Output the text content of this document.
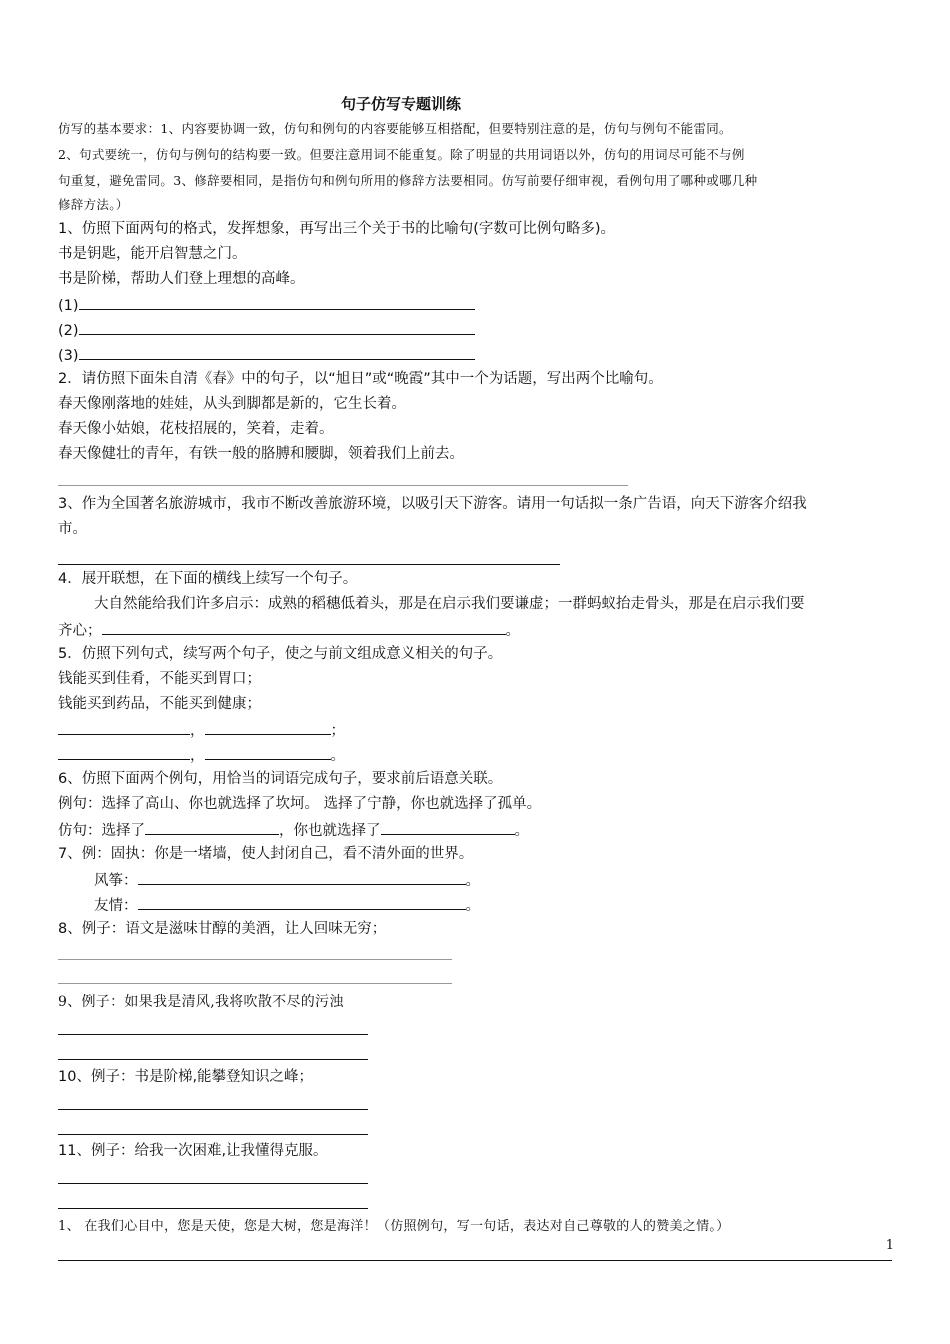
句子仿写专题训练
仿写的基本要求：1、内容要协调一致，仿句和例句的内容要能够互相搭配，但要特别注意的是，仿句与例句不能雷同。
2、句式要统一，仿句与例句的结构要一致。但要注意用词不能重复。除了明显的共用词语以外，仿句的用词尽可能不与例
句重复，避免雷同。3、修辞要相同，是指仿句和例句所用的修辞方法要相同。仿写前要仔细审视，看例句用了哪种或哪几种
修辞方法。）
1、仿照下面两句的格式，发挥想象，再写出三个关于书的比喻句(字数可比例句略多)。
书是钥匙，能开启智慧之门。
书是阶梯，帮助人们登上理想的高峰。
(1)
(2)
(3)
2．请仿照下面朱自清《春》中的句子，以“旭日”或“晚霞”其中一个为话题，写出两个比喻句。
春天像刚落地的娃娃，从头到脚都是新的，它生长着。
春天像小姑娘，花枝招展的，笑着，走着。
春天像健壮的青年，有铁一般的胳膊和腰脚，领着我们上前去。
3、作为全国著名旅游城市，我市不断改善旅游环境，以吸引天下游客。请用一句话拟一条广告语，向天下游客介绍我
市。
4．展开联想，在下面的横线上续写一个句子。
大自然能给我们许多启示：成熟的稻穗低着头，那是在启示我们要谦虚；一群蚂蚁抬走骨头，那是在启示我们要
齐心；	。
5．仿照下列句式，续写两个句子，使之与前文组成意义相关的句子。
钱能买到佳肴，不能买到胃口；
钱能买到药品，不能买到健康；
，	；
，	。
6、仿照下面两个例句，用恰当的词语完成句子，要求前后语意关联。
例句：选择了高山、你也就选择了坎坷。 选择了宁静，你也就选择了孤单。
仿句：选择了	，你也就选择了	。
7、例：固执：你是一堵墙，使人封闭自己，看不清外面的世界。
风筝：	。
友情：	。
8、例子：语文是滋味甘醇的美酒，让人回味无穷；
9、例子：如果我是清风,我将吹散不尽的污浊
10、例子：书是阶梯,能攀登知识之峰；
11、例子：给我一次困难,让我懂得克服。
1、 在我们心目中，您是天使，您是大树，您是海洋！（仿照例句，写一句话，表达对自己尊敬的人的赞美之情。）
1
